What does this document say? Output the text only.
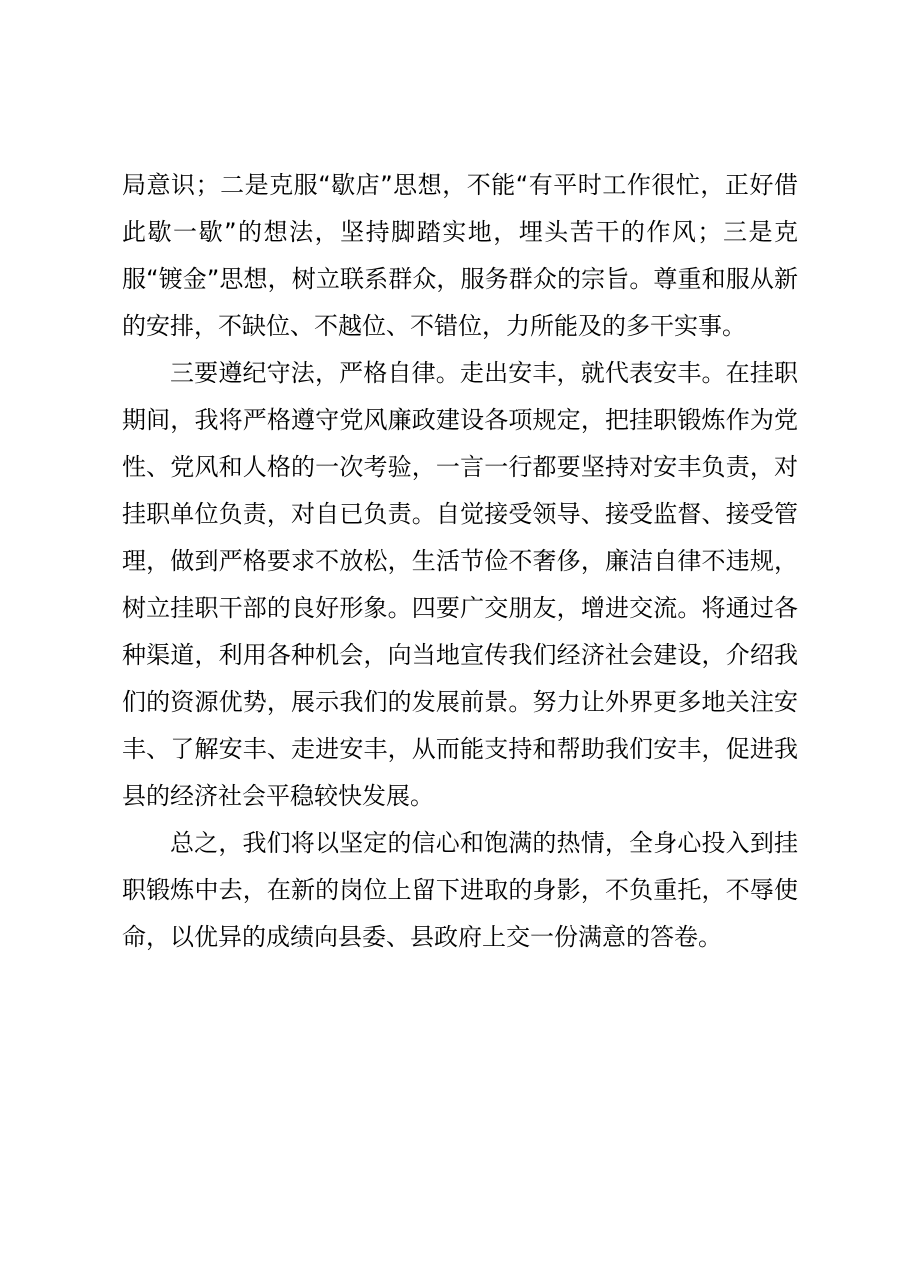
局意识；二是克服“歇店”思想，不能“有平时工作很忙，正好借此歇一歇”的想法，坚持脚踏实地，埋头苦干的作风；三是克服“镀金”思想，树立联系群众，服务群众的宗旨。尊重和服从新的安排，不缺位、不越位、不错位，力所能及的多干实事。

三要遵纪守法，严格自律。走出安丰，就代表安丰。在挂职期间，我将严格遵守党风廉政建设各项规定，把挂职锻炼作为党性、党风和人格的一次考验，一言一行都要坚持对安丰负责，对挂职单位负责，对自已负责。自觉接受领导、接受监督、接受管理，做到严格要求不放松，生活节俭不奢侈，廉洁自律不违规，树立挂职干部的良好形象。四要广交朋友，增进交流。将通过各种渠道，利用各种机会，向当地宣传我们经济社会建设，介绍我们的资源优势，展示我们的发展前景。努力让外界更多地关注安丰、了解安丰、走进安丰，从而能支持和帮助我们安丰，促进我县的经济社会平稳较快发展。

总之，我们将以坚定的信心和饱满的热情，全身心投入到挂职锻炼中去，在新的岗位上留下进取的身影，不负重托，不辱使命，以优异的成绩向县委、县政府上交一份满意的答卷。
